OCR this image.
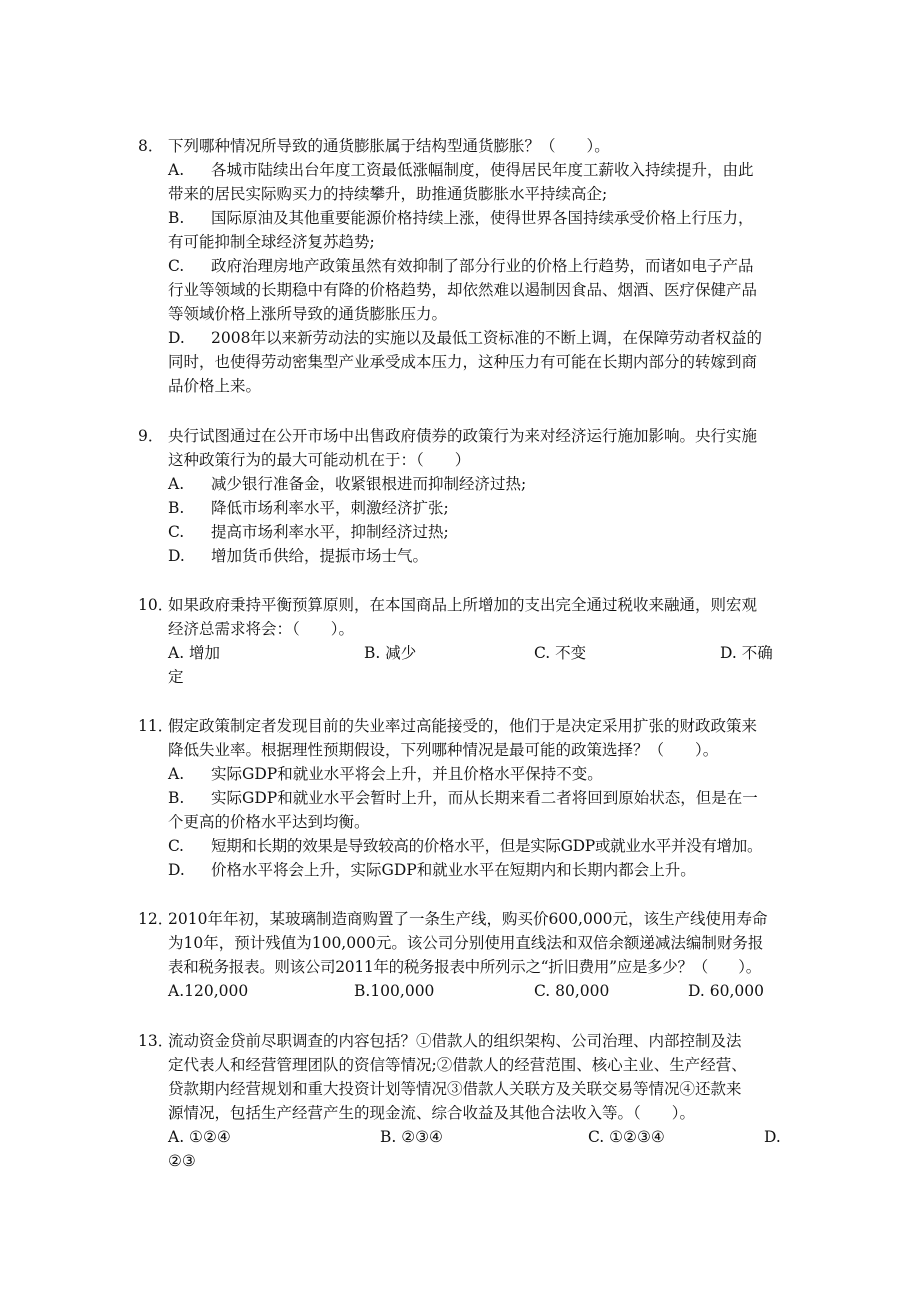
8． 下列哪种情况所导致的通货膨胀属于结构型通货膨胀？（　　）。
A. 各城市陆续出台年度工资最低涨幅制度，使得居民年度工薪收入持续提升，由此
带来的居民实际购买力的持续攀升，助推通货膨胀水平持续高企;
B. 国际原油及其他重要能源价格持续上涨，使得世界各国持续承受价格上行压力，
有可能抑制全球经济复苏趋势;
C. 政府治理房地产政策虽然有效抑制了部分行业的价格上行趋势，而诸如电子产品
行业等领域的长期稳中有降的价格趋势，却依然难以遏制因食品、烟酒、医疗保健产品
等领域价格上涨所导致的通货膨胀压力。
D. 2008年以来新劳动法的实施以及最低工资标准的不断上调，在保障劳动者权益的
同时，也使得劳动密集型产业承受成本压力，这种压力有可能在长期内部分的转嫁到商
品价格上来。
9． 央行试图通过在公开市场中出售政府债券的政策行为来对经济运行施加影响。央行实施
这种政策行为的最大可能动机在于：（　　）
A. 减少银行准备金，收紧银根进而抑制经济过热;
B. 降低市场利率水平，刺激经济扩张;
C. 提高市场利率水平，抑制经济过热;
D. 增加货币供给，提振市场士气。
10．如果政府秉持平衡预算原则，在本国商品上所增加的支出完全通过税收来融通，则宏观
经济总需求将会：（　　）。
A. 增加	B. 减少	C. 不变	D. 不确
定
11．假定政策制定者发现目前的失业率过高能接受的，他们于是决定采用扩张的财政政策来
降低失业率。根据理性预期假设，下列哪种情况是最可能的政策选择？（　　）。
A. 实际GDP和就业水平将会上升，并且价格水平保持不变。
B. 实际GDP和就业水平会暂时上升，而从长期来看二者将回到原始状态，但是在一
个更高的价格水平达到均衡。
C. 短期和长期的效果是导致较高的价格水平，但是实际GDP或就业水平并没有增加。
D. 价格水平将会上升，实际GDP和就业水平在短期内和长期内都会上升。
12．2010年年初，某玻璃制造商购置了一条生产线，购买价600,000元，该生产线使用寿命
为10年，预计残值为100,000元。该公司分别使用直线法和双倍余额递减法编制财务报
表和税务报表。则该公司2011年的税务报表中所列示之“折旧费用”应是多少？（　　）。
A.120,000	B.100,000	C. 80,000	D. 60,000
13．流动资金贷前尽职调查的内容包括？①借款人的组织架构、公司治理、内部控制及法
定代表人和经营管理团队的资信等情况;②借款人的经营范围、核心主业、生产经营、
贷款期内经营规划和重大投资计划等情况③借款人关联方及关联交易等情况④还款来
源情况，包括生产经营产生的现金流、综合收益及其他合法收入等。（　　）。
A. ①②④	B. ②③④	C. ①②③④	D.
②③
